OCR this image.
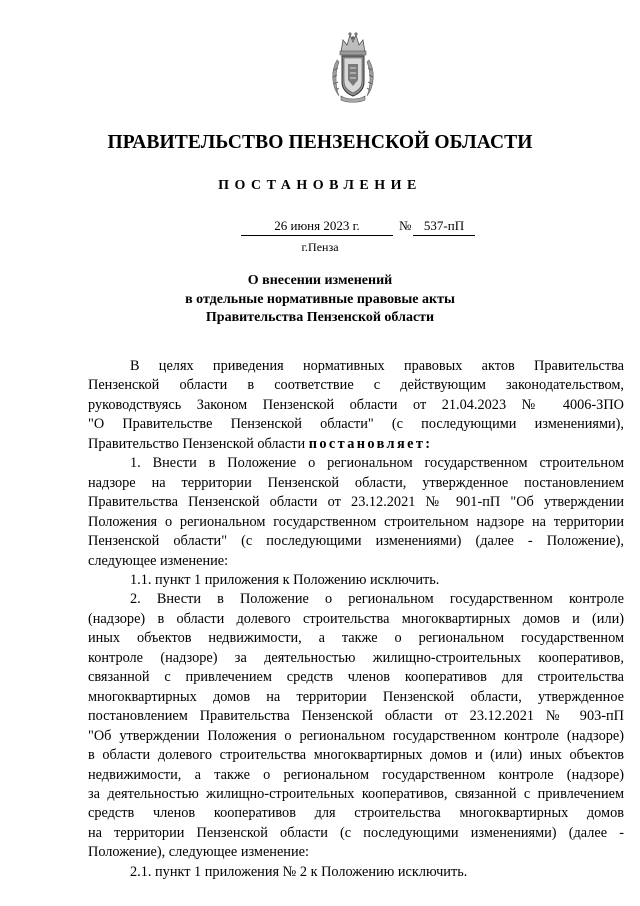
ПРАВИТЕЛЬСТВО ПЕНЗЕНСКОЙ ОБЛАСТИ
ПОСТАНОВЛЕНИЕ
26 июня 2023 г.	№ 537-пП
г.Пенза
О внесении изменений
в отдельные нормативные правовые акты
Правительства Пензенской области

В целях приведения нормативных правовых актов Правительства

Пензенской области в соответствие с действующим законодательством,

руководствуясь Законом Пензенской области от 21.04.2023 № 4006-ЗПО

"О Правительстве Пензенской области" (с последующими изменениями),

Правительство Пензенской области постановляет:

1. Внести в Положение о региональном государственном строительном

надзоре на территории Пензенской области, утвержденное постановлением

Правительства Пензенской области от 23.12.2021 № 901-пП "Об утверждении

Положения о региональном государственном строительном надзоре на территории

Пензенской области" (с последующими изменениями) (далее - Положение),

следующее изменение:

1.1. пункт 1 приложения к Положению исключить.

2. Внести в Положение о региональном государственном контроле

(надзоре) в области долевого строительства многоквартирных домов и (или)

иных объектов недвижимости, а также о региональном государственном

контроле (надзоре) за деятельностью жилищно-строительных кооперативов,

связанной с привлечением средств членов кооперативов для строительства

многоквартирных домов на территории Пензенской области, утвержденное

постановлением Правительства Пензенской области от 23.12.2021 № 903-пП

"Об утверждении Положения о региональном государственном контроле (надзоре)

в области долевого строительства многоквартирных домов и (или) иных объектов

недвижимости, а также о региональном государственном контроле (надзоре)

за деятельностью жилищно-строительных кооперативов, связанной с привлечением

средств членов кооперативов для строительства многоквартирных домов

на территории Пензенской области (с последующими изменениями) (далее -

Положение), следующее изменение:

2.1. пункт 1 приложения № 2 к Положению исключить.
